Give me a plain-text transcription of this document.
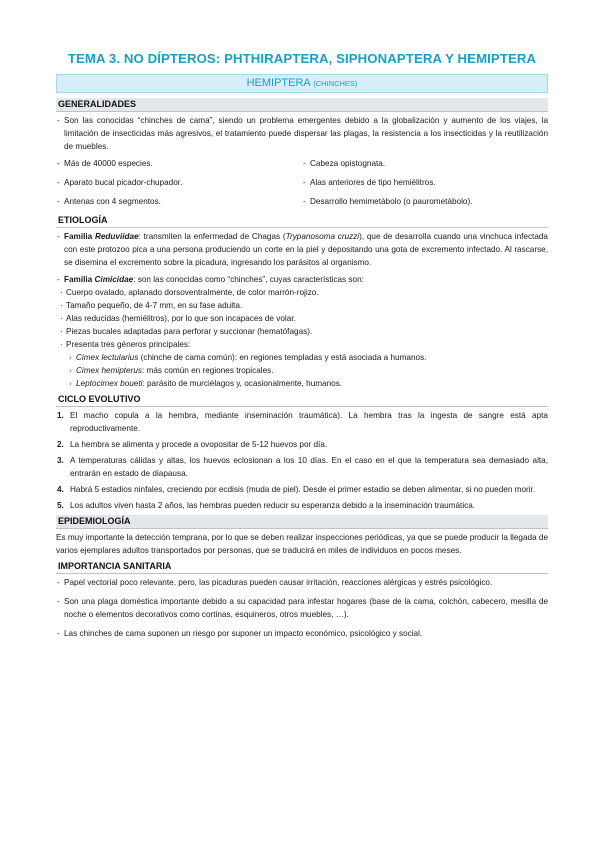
TEMA 3. NO DÍPTEROS: PHTHIRAPTERA, SIPHONAPTERA Y HEMIPTERA
HEMIPTERA (CHINCHES)
GENERALIDADES
- Son las conocidas “chinches de cama”, siendo un problema emergentes debido a la globalización y aumento de los viajes, la limitación de insecticidas más agresivos, el tratamiento puede dispersar las plagas, la resistencia a los insecticidas y la reutilización de muebles.
- Más de 40000 especies.	- Cabeza opistognata.
- Aparato bucal picador-chupador.	- Alas anteriores de tipo hemiélitros.
- Antenas con 4 segmentos.	- Desarrollo hemimetábolo (o paurometábolo).
ETIOLOGÍA
- Familia Reduviidae: transmiten la enfermedad de Chagas (Trypanosoma cruzzi), que de desarrolla cuando una vinchuca infectada con este protozoo pica a una persona produciendo un corte en la piel y depositando una gota de excremento infectado. Al rascarse, se disemina el excremento sobre la picadura, ingresando los parásitos al organismo.
- Familia Cimicidae: son las conocidas como “chinches”, cuyas características son:
· Cuerpo ovalado, aplanado dorsoventralmente, de color marrón-rojizo.
· Tamaño pequeño, de 4-7 mm, en su fase adulta.
· Alas reducidas (hemiélitros), por lo que son incapaces de volar.
· Piezas bucales adaptadas para perforar y succionar (hematófagas).
· Presenta tres géneros principales:
› Cimex lectularius (chinche de cama común): en regiones templadas y está asociada a humanos.
› Cimex hemipterus: más común en regiones tropicales.
› Leptocimex boueti: parásito de murciélagos y, ocasionalmente, humanos.
CICLO EVOLUTIVO
1. El macho copula a la hembra, mediante inseminación traumática). La hembra tras la ingesta de sangre está apta reproductivamente.
2. La hembra se alimenta y procede a ovopositar de 5-12 huevos por día.
3. A temperaturas cálidas y altas, los huevos eclosionan a los 10 días. En el caso en el que la temperatura sea demasiado alta, entrarán en estado de diapausa.
4. Habrá 5 estadios ninfales, creciendo por ecdisis (muda de piel). Desde el primer estadio se deben alimentar, si no pueden morir.
5. Los adultos viven hasta 2 años, las hembras pueden reducir su esperanza debido a la inseminación traumática.
EPIDEMIOLOGÍA
Es muy importante la detección temprana, por lo que se deben realizar inspecciones periódicas, ya que se puede producir la llegada de varios ejemplares adultos transportados por personas, que se traducirá en miles de individuos en pocos meses.
IMPORTANCIA SANITARIA
- Papel vectorial poco relevante, pero, las picaduras pueden causar irritación, reacciones alérgicas y estrés psicológico.
- Son una plaga doméstica importante debido a su capacidad para infestar hogares (base de la cama, colchón, cabecero, mesilla de noche o elementos decorativos como cortinas, esquineros, otros muebles, …).
- Las chinches de cama suponen un riesgo por suponer un impacto económico, psicológico y social.
